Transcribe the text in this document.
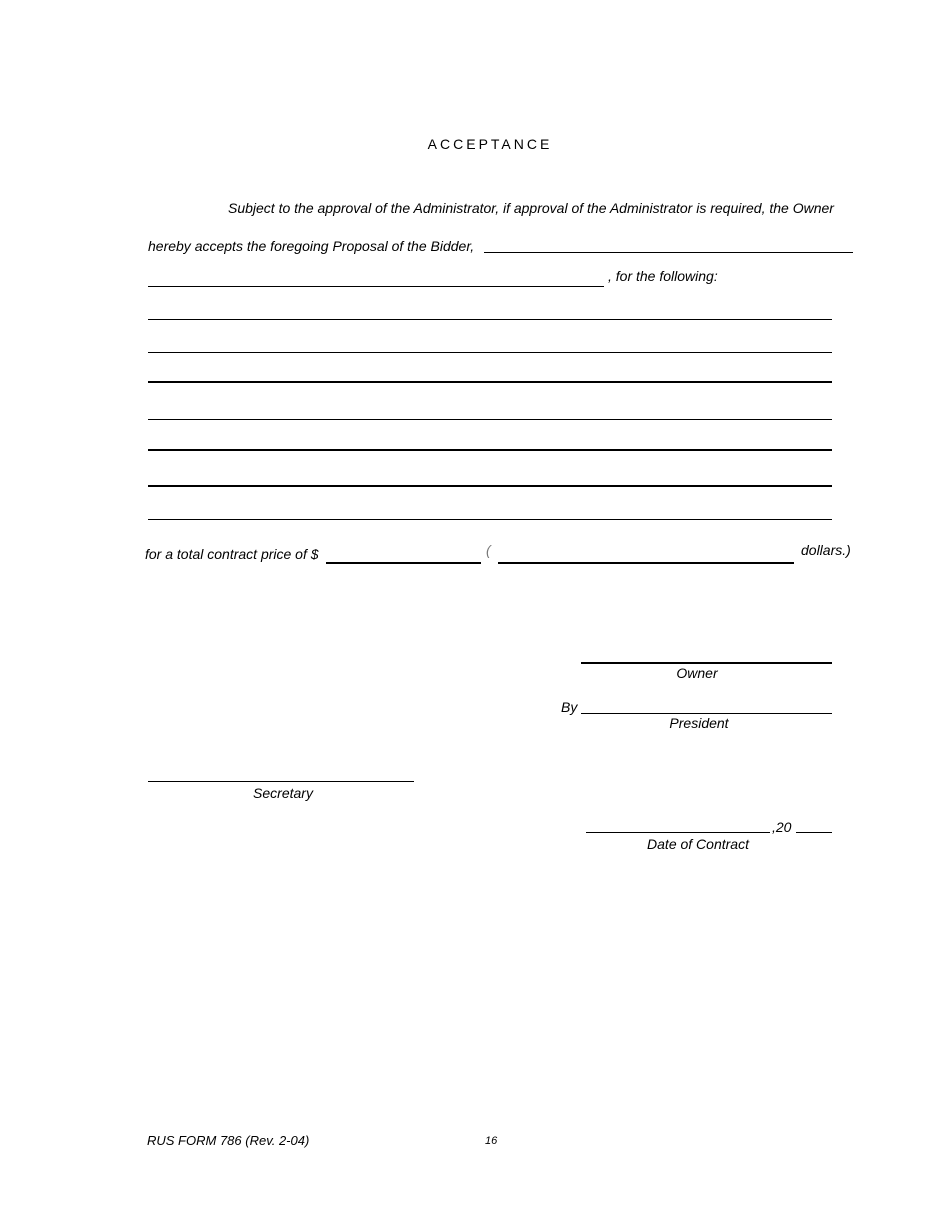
ACCEPTANCE
Subject to the approval of the Administrator, if approval of the Administrator is required, the Owner
hereby accepts the foregoing Proposal of the Bidder,
, for the following:
for a total contract price of $	(	dollars.)
Owner
By
President
Secretary
,20
Date of Contract
RUS FORM 786 (Rev. 2-04)	16
